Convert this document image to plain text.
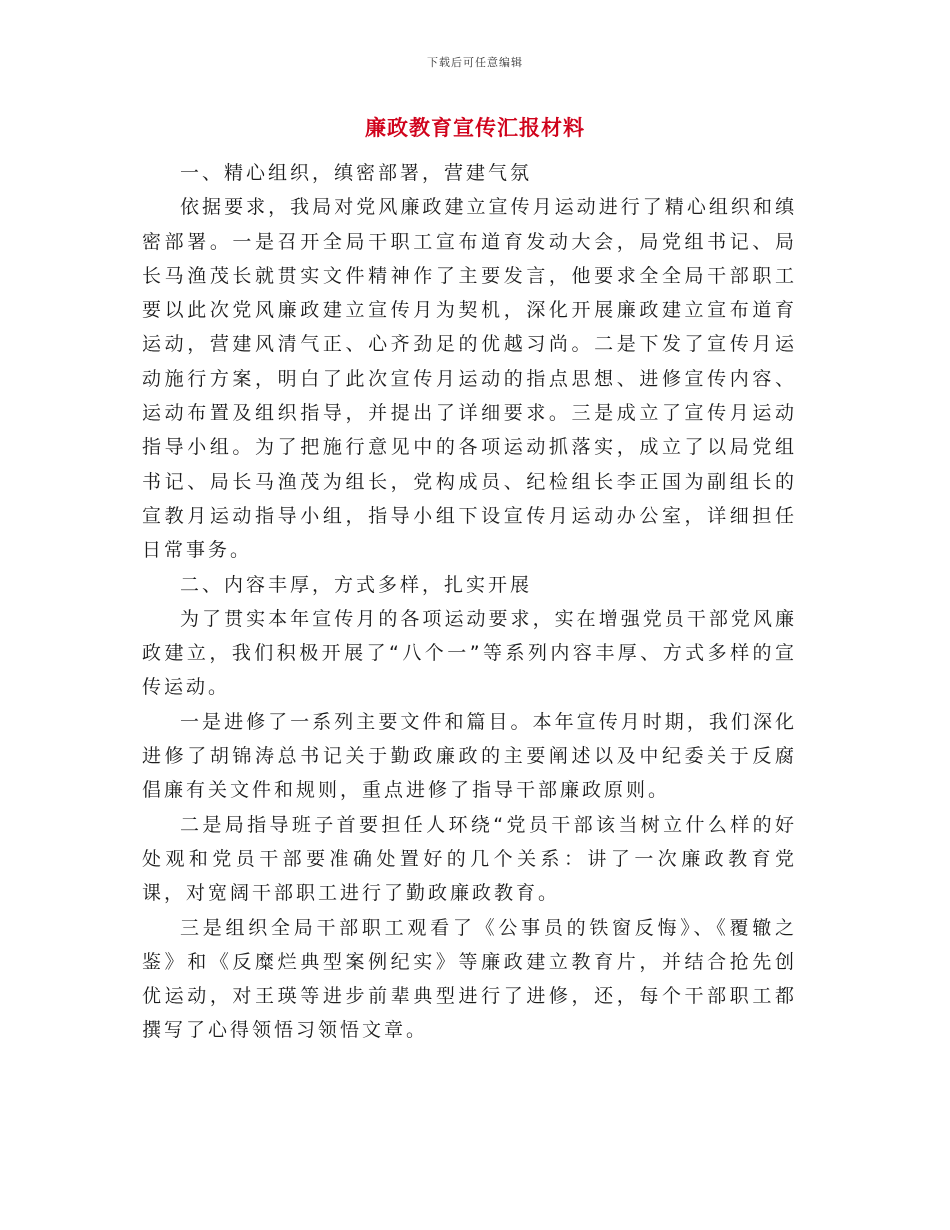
下载后可任意编辑
廉政教育宣传汇报材料

一、精心组织，缜密部署，营建气氛

依据要求，我局对党风廉政建立宣传月运动进行了精心组织和缜密部署。一是召开全局干职工宣布道育发动大会，局党组书记、局长马渔茂长就贯实文件精神作了主要发言，他要求全全局干部职工要以此次党风廉政建立宣传月为契机，深化开展廉政建立宣布道育运动，营建风清气正、心齐劲足的优越习尚。二是下发了宣传月运动施行方案，明白了此次宣传月运动的指点思想、进修宣传内容、运动布置及组织指导，并提出了详细要求。三是成立了宣传月运动指导小组。为了把施行意见中的各项运动抓落实，成立了以局党组书记、局长马渔茂为组长，党构成员、纪检组长李正国为副组长的宣教月运动指导小组，指导小组下设宣传月运动办公室，详细担任日常事务。

二、内容丰厚，方式多样，扎实开展

为了贯实本年宣传月的各项运动要求，实在增强党员干部党风廉政建立，我们积极开展了“八个一”等系列内容丰厚、方式多样的宣传运动。

一是进修了一系列主要文件和篇目。本年宣传月时期，我们深化进修了胡锦涛总书记关于勤政廉政的主要阐述以及中纪委关于反腐倡廉有关文件和规则，重点进修了指导干部廉政原则。

二是局指导班子首要担任人环绕“党员干部该当树立什么样的好处观和党员干部要准确处置好的几个关系：讲了一次廉政教育党课，对宽阔干部职工进行了勤政廉政教育。

三是组织全局干部职工观看了《公事员的铁窗反悔》、《覆辙之鉴》和《反糜烂典型案例纪实》等廉政建立教育片，并结合抢先创优运动，对王瑛等进步前辈典型进行了进修，还，每个干部职工都撰写了心得领悟习领悟文章。
